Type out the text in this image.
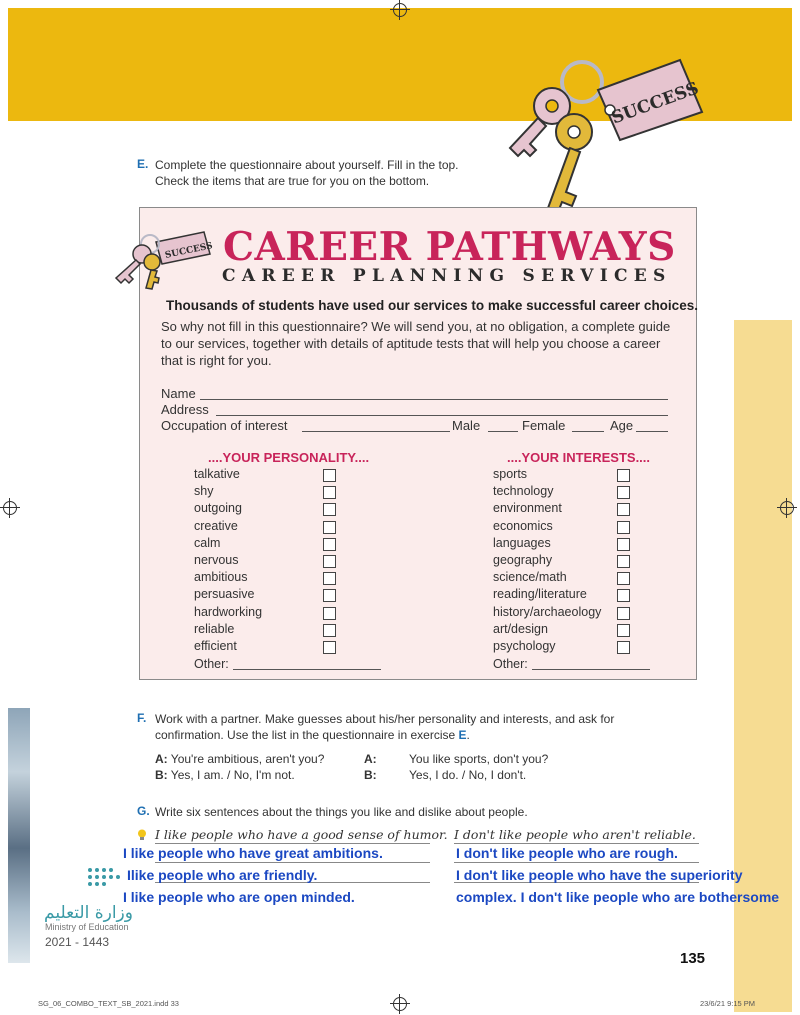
SUCCESS
E. Complete the questionnaire about yourself. Fill in the top.
Check the items that are true for you on the bottom.
SUCCESS CAREER PATHWAYS
CAREER PLANNING SERVICES
Thousands of students have used our services to make successful career choices.
So why not fill in this questionnaire? We will send you, at no obligation, a complete guide to our services, together with details of aptitude tests that will help you choose a career that is right for you.
Name
Address
Occupation of interest	Male	Female	Age
....YOUR PERSONALITY....
talkative
shy
outgoing
creative
calm
nervous
ambitious
persuasive
hardworking
reliable
efficient
Other:
....YOUR INTERESTS....
sports
technology
environment
economics
languages
geography
science/math
reading/literature
history/archaeology
art/design
psychology
Other:
F. Work with a partner. Make guesses about his/her personality and interests, and ask for
confirmation. Use the list in the questionnaire in exercise E.
A: You're ambitious, aren't you?
B: Yes, I am. / No, I'm not.
A:	You like sports, don't you?
B:	Yes, I do. / No, I don't.
G. Write six sentences about the things you like and dislike about people.
I like people who have a good sense of humor. I don't like people who aren't reliable.
I like people who have great ambitions.
Ilike people who are friendly.
I like people who are open minded.
I don't like people who are rough.
I don't like people who have the superiority complex. I don't like people who are bothersome
وزارة التعليم
Ministry of Education
2021 - 1443
135
SG_06_COMBO_TEXT_SB_2021.indd 33	23/6/21 9:15 PM
